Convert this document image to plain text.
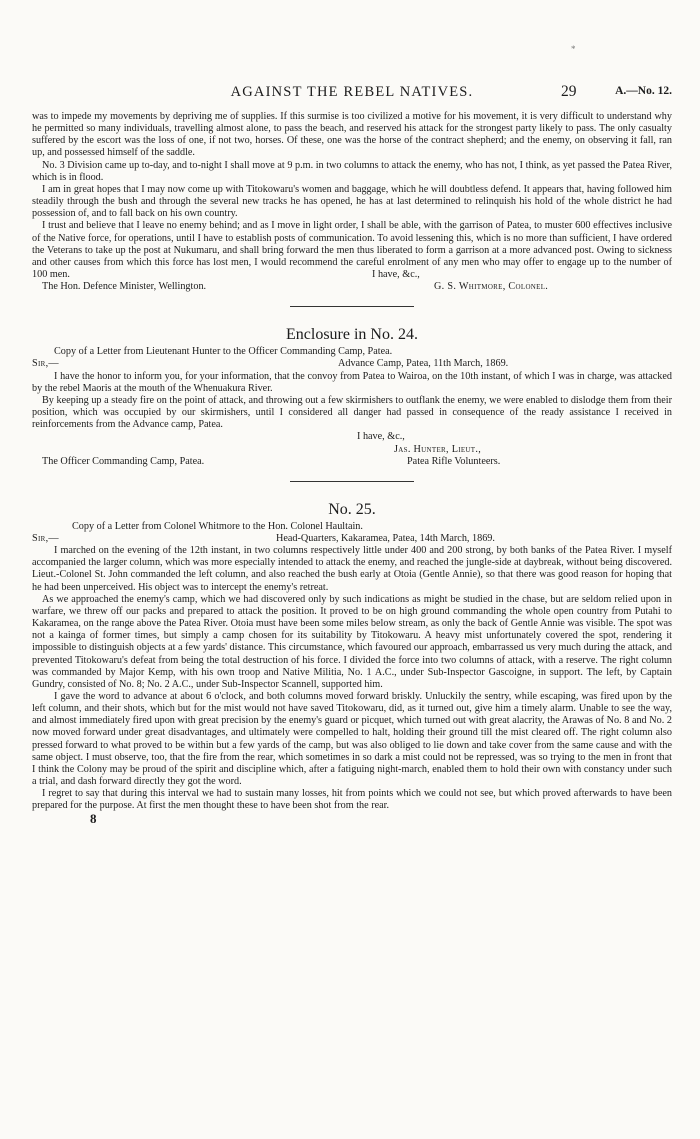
*
AGAINST THE REBEL NATIVES.	29	A.—No. 12.

was to impede my movements by depriving me of supplies. If this surmise is too civilized a motive for his movement, it is very difficult to understand why he permitted so many individuals, travelling almost alone, to pass the beach, and reserved his attack for the strongest party likely to pass. The only casualty suffered by the escort was the loss of one, if not two, horses. Of these, one was the horse of the contract shepherd; and the enemy, on observing it fall, ran up, and possessed himself of the saddle.

No. 3 Division came up to-day, and to-night I shall move at 9 p.m. in two columns to attack the enemy, who has not, I think, as yet passed the Patea River, which is in flood.

I am in great hopes that I may now come up with Titokowaru's women and baggage, which he will doubtless defend. It appears that, having followed him steadily through the bush and through the several new tracks he has opened, he has at last determined to relinquish his hold of the whole district he had possession of, and to fall back on his own country.

I trust and believe that I leave no enemy behind; and as I move in light order, I shall be able, with the garrison of Patea, to muster 600 effectives inclusive of the Native force, for operations, until I have to establish posts of communication. To avoid lessening this, which is no more than sufficient, I have ordered the Veterans to take up the post at Nukumaru, and shall bring forward the men thus liberated to form a garrison at a more advanced post. Owing to sickness and other causes from which this force has lost men, I would recommend the careful enrolment of any men who may offer to engage up to the number of 100 men.	I have, &c.,
The Hon. Defence Minister, Wellington.	G. S. Whitmore, Colonel.
Enclosure in No. 24.

Copy of a Letter from Lieutenant Hunter to the Officer Commanding Camp, Patea.

Sir,—	Advance Camp, Patea, 11th March, 1869.

I have the honor to inform you, for your information, that the convoy from Patea to Wairoa, on the 10th instant, of which I was in charge, was attacked by the rebel Maoris at the mouth of the Whenuakura River.

By keeping up a steady fire on the point of attack, and throwing out a few skirmishers to outflank the enemy, we were enabled to dislodge them from their position, which was occupied by our skirmishers, until I considered all danger had passed in consequence of the ready assistance I received in reinforcements from the Advance camp, Patea.

I have, &c.,
Jas. Hunter, Lieut.,
The Officer Commanding Camp, Patea.	Patea Rifle Volunteers.
No. 25.

Copy of a Letter from Colonel Whitmore to the Hon. Colonel Haultain.

Sir,—	Head-Quarters, Kakaramea, Patea, 14th March, 1869.

I marched on the evening of the 12th instant, in two columns respectively little under 400 and 200 strong, by both banks of the Patea River. I myself accompanied the larger column, which was more especially intended to attack the enemy, and reached the jungle-side at daybreak, without being discovered. Lieut.-Colonel St. John commanded the left column, and also reached the bush early at Otoia (Gentle Annie), so that there was good reason for hoping that he had been unperceived. His object was to intercept the enemy's retreat.

As we approached the enemy's camp, which we had discovered only by such indications as might be studied in the chase, but are seldom relied upon in warfare, we threw off our packs and prepared to attack the position. It proved to be on high ground commanding the whole open country from Putahi to Kakaramea, on the range above the Patea River. Otoia must have been some miles below stream, as only the back of Gentle Annie was visible. The spot was not a kainga of former times, but simply a camp chosen for its suitability by Titokowaru. A heavy mist unfortunately covered the spot, rendering it impossible to distinguish objects at a few yards' distance. This circumstance, which favoured our approach, embarrassed us very much during the attack, and prevented Titokowaru's defeat from being the total destruction of his force. I divided the force into two columns of attack, with a reserve. The right column was commanded by Major Kemp, with his own troop and Native Militia, No. 1 A.C., under Sub-Inspector Gascoigne, in support. The left, by Captain Gundry, consisted of No. 8; No. 2 A.C., under Sub-Inspector Scannell, supported him.

I gave the word to advance at about 6 o'clock, and both columns moved forward briskly. Unluckily the sentry, while escaping, was fired upon by the left column, and their shots, which but for the mist would not have saved Titokowaru, did, as it turned out, give him a timely alarm. Unable to see the way, and almost immediately fired upon with great precision by the enemy's guard or picquet, which turned out with great alacrity, the Arawas of No. 8 and No. 2 now moved forward under great disadvantages, and ultimately were compelled to halt, holding their ground till the mist cleared off. The right column also pressed forward to what proved to be within but a few yards of the camp, but was also obliged to lie down and take cover from the same cause and with the same object. I must observe, too, that the fire from the rear, which sometimes in so dark a mist could not be repressed, was so trying to the men in front that I think the Colony may be proud of the spirit and discipline which, after a fatiguing night-march, enabled them to hold their own with constancy under such a trial, and dash forward directly they got the word.

I regret to say that during this interval we had to sustain many losses, hit from points which we could not see, but which proved afterwards to have been prepared for the purpose. At first the men thought these to have been shot from the rear.

8
